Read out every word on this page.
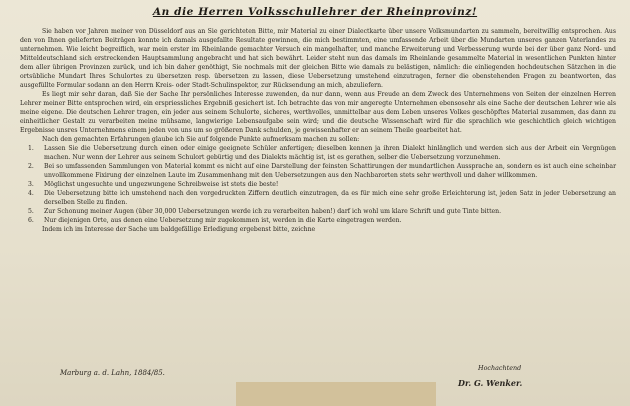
An die Herren Volksschullehrer der Rheinprovinz!

Sie haben vor Jahren meiner von Düsseldorf aus an Sie gerichteten Bitte, mir Material zu einer Dialectkarte über unsere Volksmundarten zu sammeln, bereitwillig entsprochen. Aus den von Ihnen gelieferten Beiträgen konnte ich damals ausgefallte Resultate gewinnen, die mich bestimmten, eine umfassende Arbeit über die Mundarten unseres ganzen Vaterlandes zu unternehmen. Wie leicht begreiflich, war mein erster im Rheinlande gemachter Versuch ein mangelhafter, und manche Erweiterung und Verbesserung wurde bei der über ganz Nord- und Mitteldeutschland sich erstreckenden Hauptsammlung angebracht und hat sich bewährt. Leider steht nun das damals im Rheinlande gesammelte Material in wesentlichen Punkten hinter dem aller übrigen Provinzen zurück, und ich bin daher genöthigt, Sie nochmals mit der gleichen Bitte wie damals zu belästigen, nämlich: die einliegenden hochdeutschen Sätzchen in die ortsübliche Mundart Ihres Schulortes zu übersetzen resp. übersetzen zu lassen, diese Uebersetzung umstehend einzutragen, ferner die obenstehenden Fragen zu beantworten, das ausgefüllte Formular sodann an den Herrn Kreis- oder Stadt-Schulinspektor, zur Rücksendung an mich, abzuliefern.

Es liegt mir sehr daran, daß Sie der Sache Ihr persönliches Interesse zuwenden, da nur dann, wenn aus Freude an dem Zweck des Unternehmens von Seiten der einzelnen Herren Lehrer meiner Bitte entsprochen wird, ein erspriessliches Ergebniß gesichert ist. Ich betrachte das von mir angeregte Unternehmen ebensosehr als eine Sache der deutschen Lehrer wie als meine eigene. Die deutschen Lehrer tragen, ein jeder aus seinem Schulorte, sicheres, werthvolles, unmittelbar aus dem Leben unseres Volkes geschöpftes Material zusammen, das dann zu einheitlicher Gestalt zu verarbeiten meine mühsame, langwierige Lebensaufgabe sein wird; und die deutsche Wissenschaft wird für die sprachlich wie geschichtlich gleich wichtigen Ergebnisse unsres Unternehmens einem jeden von uns um so größeren Dank schulden, je gewissenhafter er an seinem Theile gearbeitet hat.

Nach den gemachten Erfahrungen glaube ich Sie auf folgende Punkte aufmerksam machen zu sollen:

1. Lassen Sie die Uebersetzung durch einen oder einige geeignete Schüler anfertigen; dieselben kennen ja ihren Dialekt hinlänglich und werden sich aus der Arbeit ein Vergnügen machen. Nur wenn der Lehrer aus seinem Schulort gebürtig und des Dialekts mächtig ist, ist es gerathen, selber die Uebersetzung vorzunehmen.
2. Bei so umfassenden Sammlungen von Material kommt es nicht auf eine Darstellung der feinsten Schattirungen der mundartlichen Aussprache an, sondern es ist auch eine scheinbar unvollkommene Fixirung der einzelnen Laute im Zusammenhang mit den Uebersetzungen aus den Nachbarorten stets sehr werthvoll und daher willkommen.
3. Möglichst ungesuchte und ungezwungene Schreibweise ist stets die beste!
4. Die Uebersetzung bitte ich umstehend nach den vorgedruckten Ziffern deutlich einzutragen, da es für mich eine sehr große Erleichterung ist, jeden Satz in jeder Uebersetzung an derselben Stelle zu finden.
5. Zur Schonung meiner Augen (über 30,000 Uebersetzungen werde ich zu verarbeiten haben!) darf ich wohl um klare Schrift und gute Tinte bitten.
6. Nur diejenigen Orte, aus denen eine Uebersetzung mir zugekommen ist, werden in die Karte eingetragen werden.

Indem ich im Interesse der Sache um baldgefällige Erledigung ergebenst bitte, zeichne

Hochachtend
Marburg a. d. Lahn, 1884/85.
Dr. G. Wenker.
